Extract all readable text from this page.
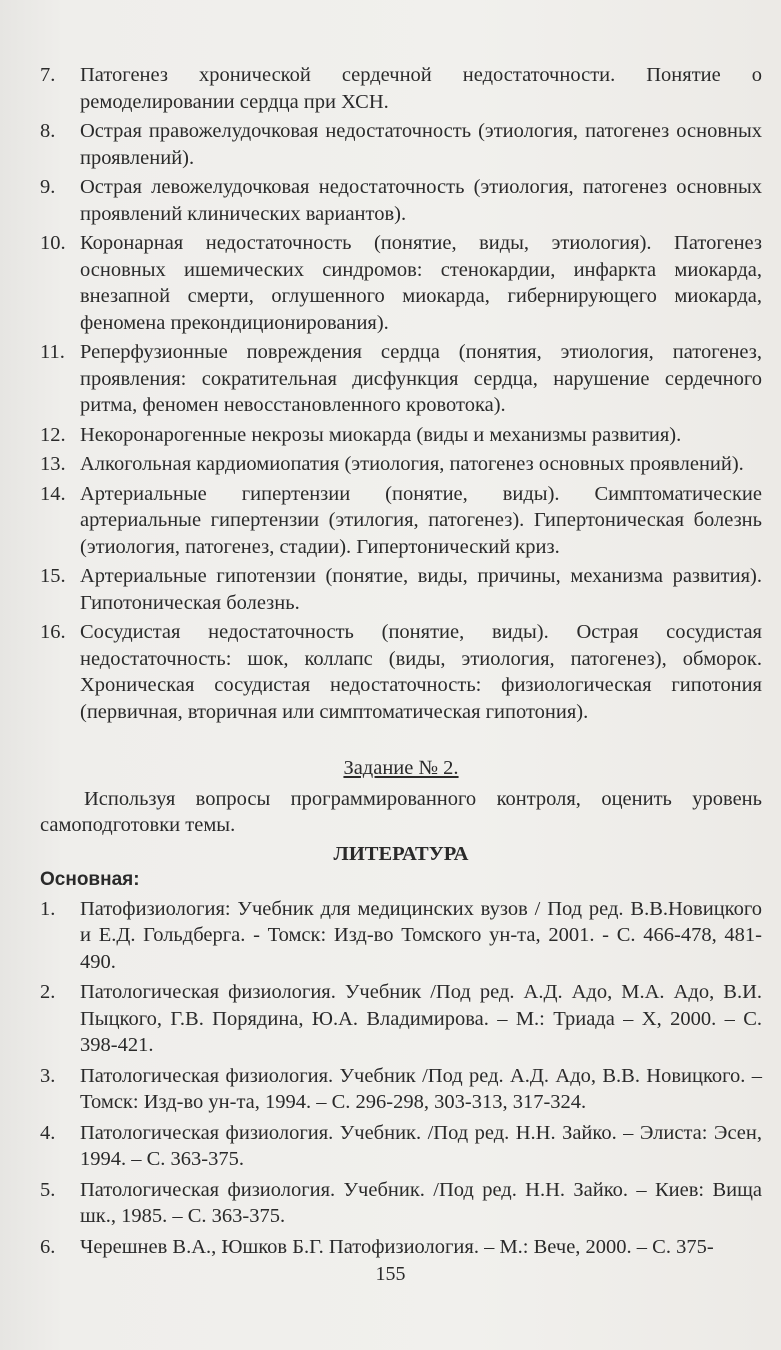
7.	Патогенез хронической сердечной недостаточности. Понятие о ремоделировании сердца при ХСН.
8.	Острая правожелудочковая недостаточность (этиология, патогенез основных проявлений).
9.	Острая левожелудочковая недостаточность (этиология, патогенез основных проявлений клинических вариантов).
10. Коронарная недостаточность (понятие, виды, этиология). Патогенез основных ишемических синдромов: стенокардии, инфаркта миокарда, внезапной смерти, оглушенного миокарда, гибернирующего миокарда, феномена прекондиционирования).
11. Реперфузионные повреждения сердца (понятия, этиология, патогенез, проявления: сократительная дисфункция сердца, нарушение сердечного ритма, феномен невосстановленного кровотока).
12. Некоронарогенные некрозы миокарда (виды и механизмы развития).
13. Алкогольная кардиомиопатия (этиология, патогенез основных проявлений).
14. Артериальные гипертензии (понятие, виды). Симптоматические артериальные гипертензии (этилогия, патогенез). Гипертоническая болезнь (этиология, патогенез, стадии). Гипертонический криз.
15. Артериальные гипотензии (понятие, виды, причины, механизма развития). Гипотоническая болезнь.
16. Сосудистая недостаточность (понятие, виды). Острая сосудистая недостаточность: шок, коллапс (виды, этиология, патогенез), обморок. Хроническая сосудистая недостаточность: физиологическая гипотония (первичная, вторичная или симптоматическая гипотония).
Задание № 2.

Используя вопросы программированного контроля, оценить уровень самоподготовки темы.

ЛИТЕРАТУРА
Основная:
1.	Патофизиология: Учебник для медицинских вузов / Под ред. В.В.Новицкого и Е.Д. Гольдберга. - Томск: Изд-во Томского ун-та, 2001. - С. 466-478, 481-490.
2.	Патологическая физиология. Учебник /Под ред. А.Д. Адо, М.А. Адо, В.И. Пыцкого, Г.В. Порядина, Ю.А. Владимирова. – М.: Триада – Х, 2000. – С. 398-421.
3.	Патологическая физиология. Учебник /Под ред. А.Д. Адо, В.В. Новицкого. – Томск: Изд-во ун-та, 1994. – С. 296-298, 303-313, 317-324.
4.	Патологическая физиология. Учебник. /Под ред. Н.Н. Зайко. – Элиста: Эсен, 1994. – С. 363-375.
5.	Патологическая физиология. Учебник. /Под ред. Н.Н. Зайко. – Киев: Вища шк., 1985. – С. 363-375.
6.	Черешнев В.А., Юшков Б.Г. Патофизиология. – М.: Вече, 2000. – С. 375-
155
